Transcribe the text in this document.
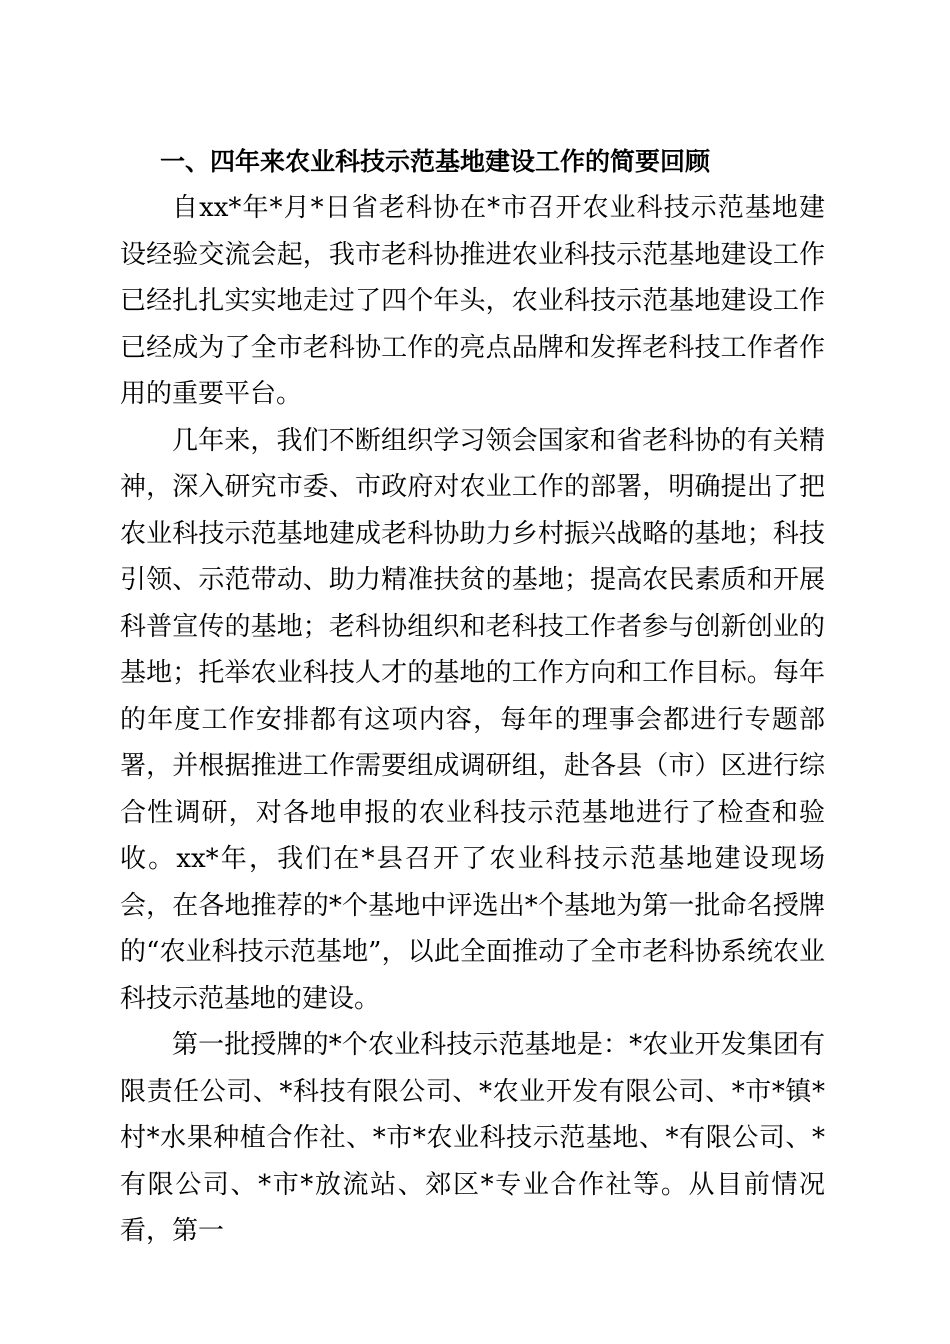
一、四年来农业科技示范基地建设工作的简要回顾

自xx*年*月*日省老科协在*市召开农业科技示范基地建设经验交流会起，我市老科协推进农业科技示范基地建设工作已经扎扎实实地走过了四个年头，农业科技示范基地建设工作已经成为了全市老科协工作的亮点品牌和发挥老科技工作者作用的重要平台。

几年来，我们不断组织学习领会国家和省老科协的有关精神，深入研究市委、市政府对农业工作的部署，明确提出了把农业科技示范基地建成老科协助力乡村振兴战略的基地；科技引领、示范带动、助力精准扶贫的基地；提高农民素质和开展科普宣传的基地；老科协组织和老科技工作者参与创新创业的基地；托举农业科技人才的基地的工作方向和工作目标。每年的年度工作安排都有这项内容，每年的理事会都进行专题部署，并根据推进工作需要组成调研组，赴各县（市）区进行综合性调研，对各地申报的农业科技示范基地进行了检查和验收。xx*年，我们在*县召开了农业科技示范基地建设现场会，在各地推荐的*个基地中评选出*个基地为第一批命名授牌的“农业科技示范基地”，以此全面推动了全市老科协系统农业科技示范基地的建设。

第一批授牌的*个农业科技示范基地是：*农业开发集团有限责任公司、*科技有限公司、*农业开发有限公司、*市*镇*村*水果种植合作社、*市*农业科技示范基地、*有限公司、*有限公司、*市*放流站、郊区*专业合作社等。从目前情况看，第一
